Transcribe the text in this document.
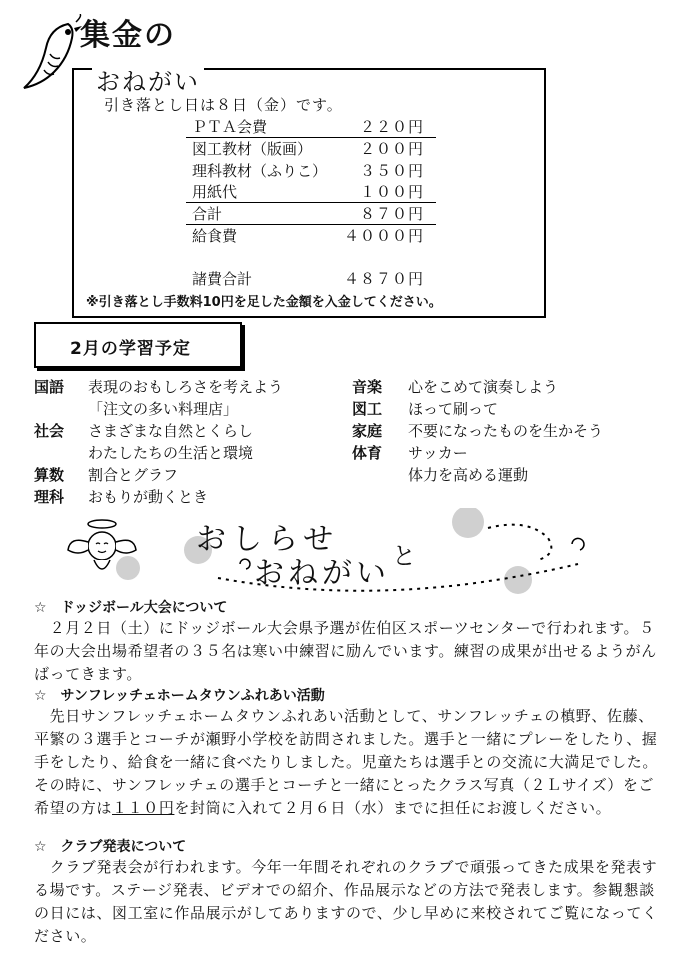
集金の
おねがい
引き落とし日は８日（金）です。
ＰＴＡ会費	２２０円
図工教材（版画）	２００円
理科教材（ふりこ） ３５０円
用紙代	１００円
合計	８７０円
給食費	４０００円
諸費合計	４８７０円
※引き落とし手数料10円を足した金額を入金してください。
2月の学習予定
国語 表現のおもしろさを考えよう
「注文の多い料理店」
社会 さまざまな自然とくらし
わたしたちの生活と環境
算数 割合とグラフ
理科 おもりが動くとき
音楽 心をこめて演奏しよう
図工 ほって刷って
家庭 不要になったものを生かそう
体育 サッカー
体力を高める運動
おしらせ と
おねがい
☆　ドッジボール大会について
　２月２日（土）にドッジボール大会県予選が佐伯区スポーツセンターで行われます。５年の大会出場希望者の３５名は寒い中練習に励んでいます。練習の成果が出せるようがんばってきます。
☆　サンフレッチェホームタウンふれあい活動
　先日サンフレッチェホームタウンふれあい活動として、サンフレッチェの槙野、佐藤、平繁の３選手とコーチが瀬野小学校を訪問されました。選手と一緒にプレーをしたり、握手をしたり、給食を一緒に食べたりしました。児童たちは選手との交流に大満足でした。その時に、サンフレッチェの選手とコーチと一緒にとったクラス写真（２Ｌサイズ）をご希望の方は１１０円を封筒に入れて２月６日（水）までに担任にお渡しください。
☆　クラブ発表について
　クラブ発表会が行われます。今年一年間それぞれのクラブで頑張ってきた成果を発表する場です。ステージ発表、ビデオでの紹介、作品展示などの方法で発表します。参観懇談の日には、図工室に作品展示がしてありますので、少し早めに来校されてご覧になってください。
